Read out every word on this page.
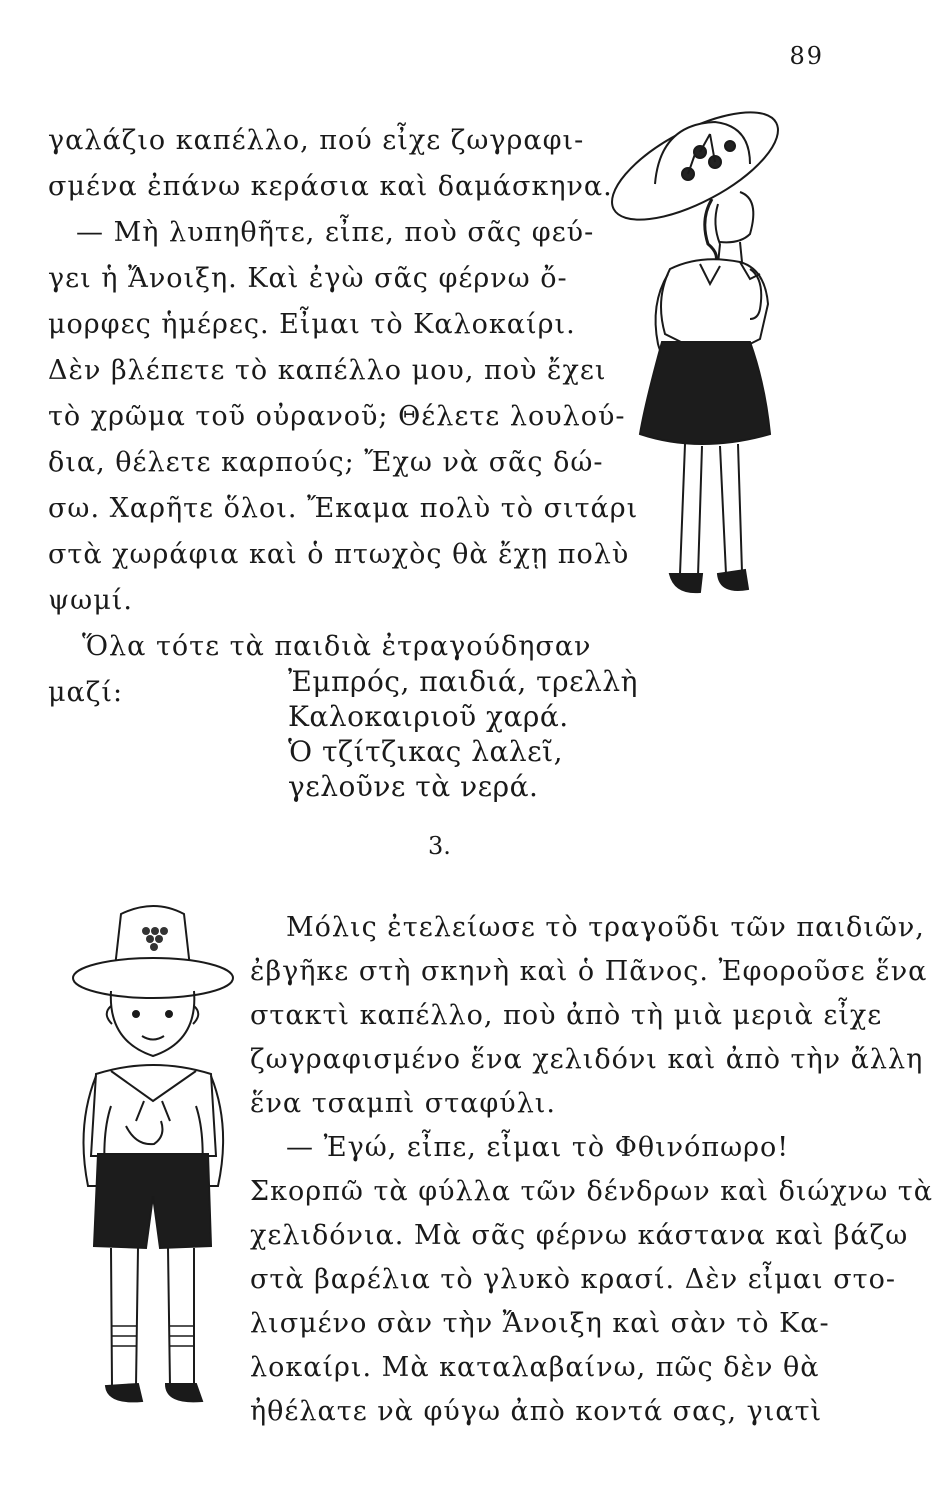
89
γαλάζιο καπέλλο, πού εἶχε ζωγραφι-
σμένα ἐπάνω κεράσια καὶ δαμάσκηνα.
— Μὴ λυπηθῆτε, εἶπε, ποὺ σᾶς φεύ-
γει ἡ Ἄνοιξη. Καὶ ἐγὼ σᾶς φέρνω ὄ-
μορφες ἡμέρες. Εἶμαι τὸ Καλοκαίρι.
Δὲν βλέπετε τὸ καπέλλο μου, ποὺ ἔχει
τὸ χρῶμα τοῦ οὐρανοῦ; Θέλετε λουλού-
δια, θέλετε καρπούς; Ἔχω νὰ σᾶς δώ-
σω. Χαρῆτε ὅλοι. Ἔκαμα πολὺ τὸ σιτάρι
στὰ χωράφια καὶ ὁ πτωχὸς θὰ ἔχῃ πολὺ
ψωμί.
Ὅλα τότε τὰ παιδιὰ ἐτραγούδησαν
μαζί:	Ἐμπρός, παιδιά, τρελλὴ
Καλοκαιριοῦ χαρά.
Ὁ τζίτζικας λαλεῖ,
γελοῦνε τὰ νερά.
3.
Μόλις ἐτελείωσε τὸ τραγοῦδι τῶν παιδιῶν,
ἐβγῆκε στὴ σκηνὴ καὶ ὁ Πᾶνος. Ἐφοροῦσε ἕνα
στακτὶ καπέλλο, ποὺ ἀπὸ τὴ μιὰ μεριὰ εἶχε
ζωγραφισμένο ἕνα χελιδόνι καὶ ἀπὸ τὴν ἄλλη
ἕνα τσαμπὶ σταφύλι.
— Ἐγώ, εἶπε, εἶμαι τὸ Φθινόπωρο!
Σκορπῶ τὰ φύλλα τῶν δένδρων καὶ διώχνω τὰ
χελιδόνια. Μὰ σᾶς φέρνω κάστανα καὶ βάζω
στὰ βαρέλια τὸ γλυκὸ κρασί. Δὲν εἶμαι στο-
λισμένο σὰν τὴν Ἄνοιξη καὶ σὰν τὸ Κα-
λοκαίρι. Μὰ καταλαβαίνω, πῶς δὲν θὰ
ἠθέλατε νὰ φύγω ἀπὸ κοντά σας, γιατὶ
